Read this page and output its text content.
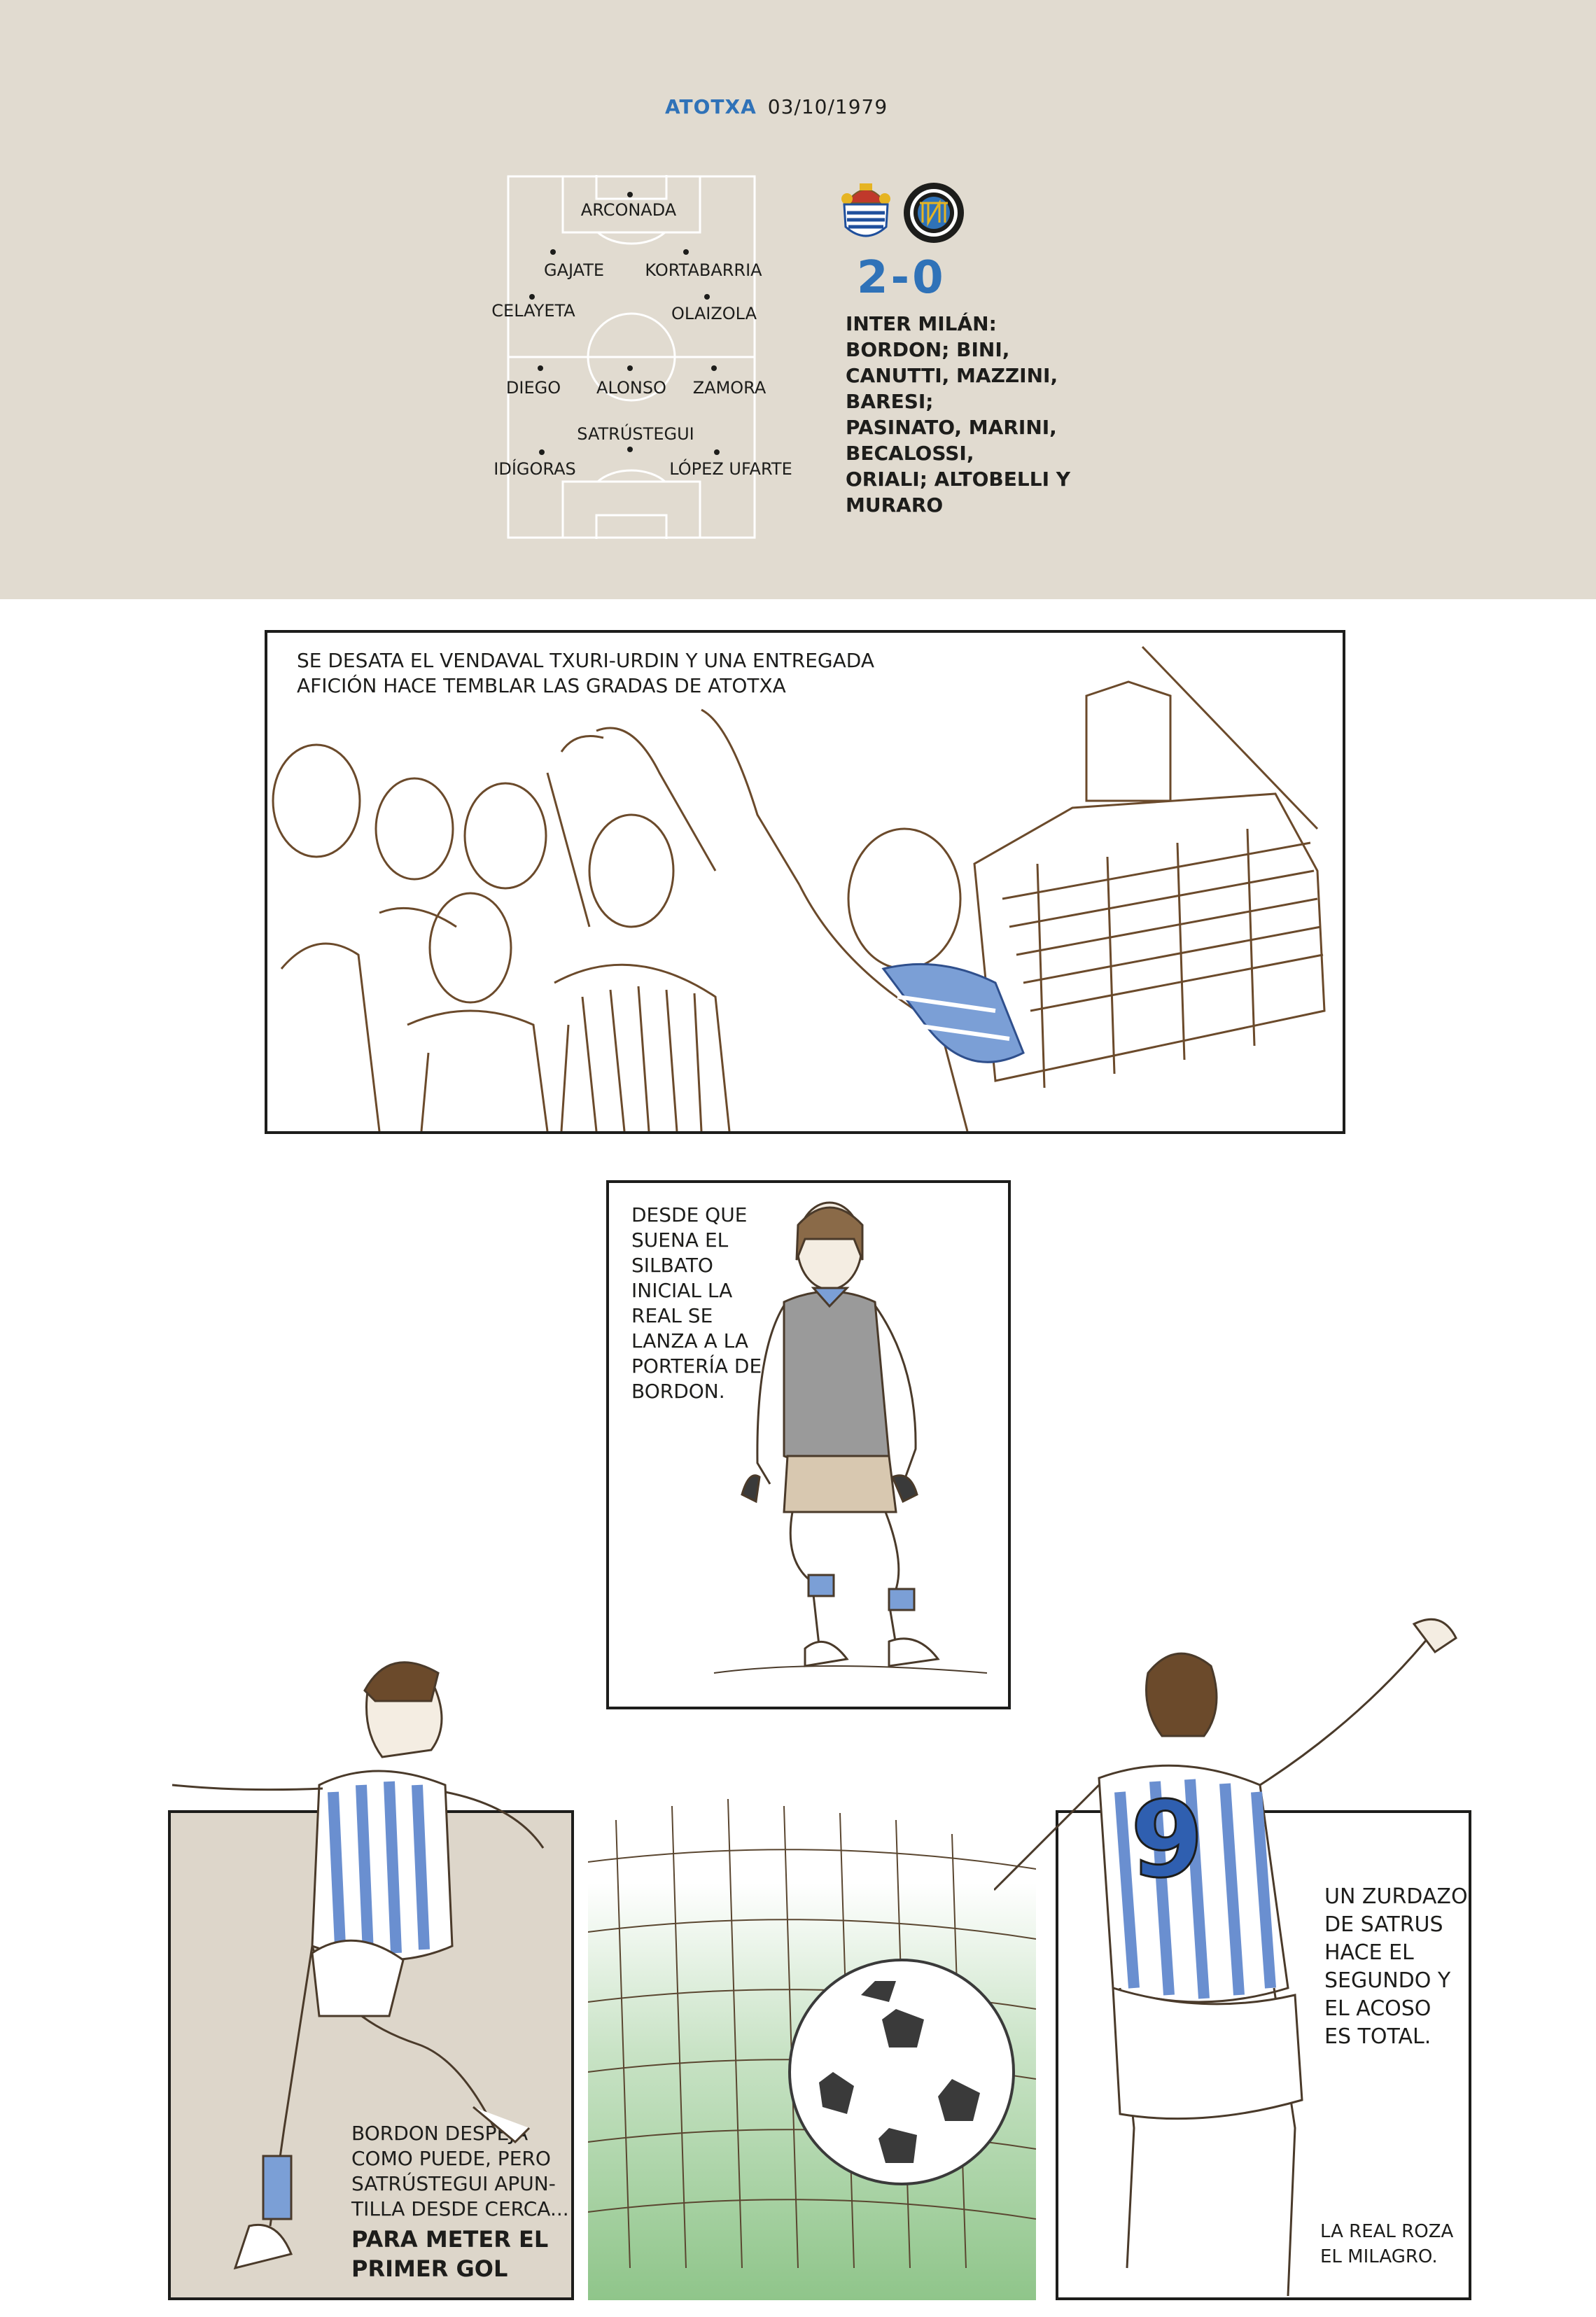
ATOTXA 03/10/1979
ARCONADA
GAJATE KORTABARRIA
CELAYETA	OLAIZOLA
DIEGO ALONSO ZAMORA
SATRÚSTEGUI
IDÍGORAS	LÓPEZ UFARTE
2-0
INTER MILÁN:
BORDON; BINI,
CANUTTI, MAZZINI,
BARESI;
PASINATO, MARINI,
BECALOSSI,
ORIALI; ALTOBELLI Y
MURARO
SE DESATA EL VENDAVAL TXURI-URDIN Y UNA ENTREGADA
AFICIÓN HACE TEMBLAR LAS GRADAS DE ATOTXA
DESDE QUE
SUENA EL
SILBATO
INICIAL LA
REAL SE
LANZA A LA
PORTERÍA DE
BORDON.
BORDON DESPEJA
COMO PUEDE, PERO
SATRÚSTEGUI APUN-
TILLA DESDE CERCA...
PARA METER EL
PRIMER GOL
UN ZURDAZO
DE SATRUS
HACE EL
SEGUNDO Y
EL ACOSO
ES TOTAL.
LA REAL ROZA
EL MILAGRO.
9
